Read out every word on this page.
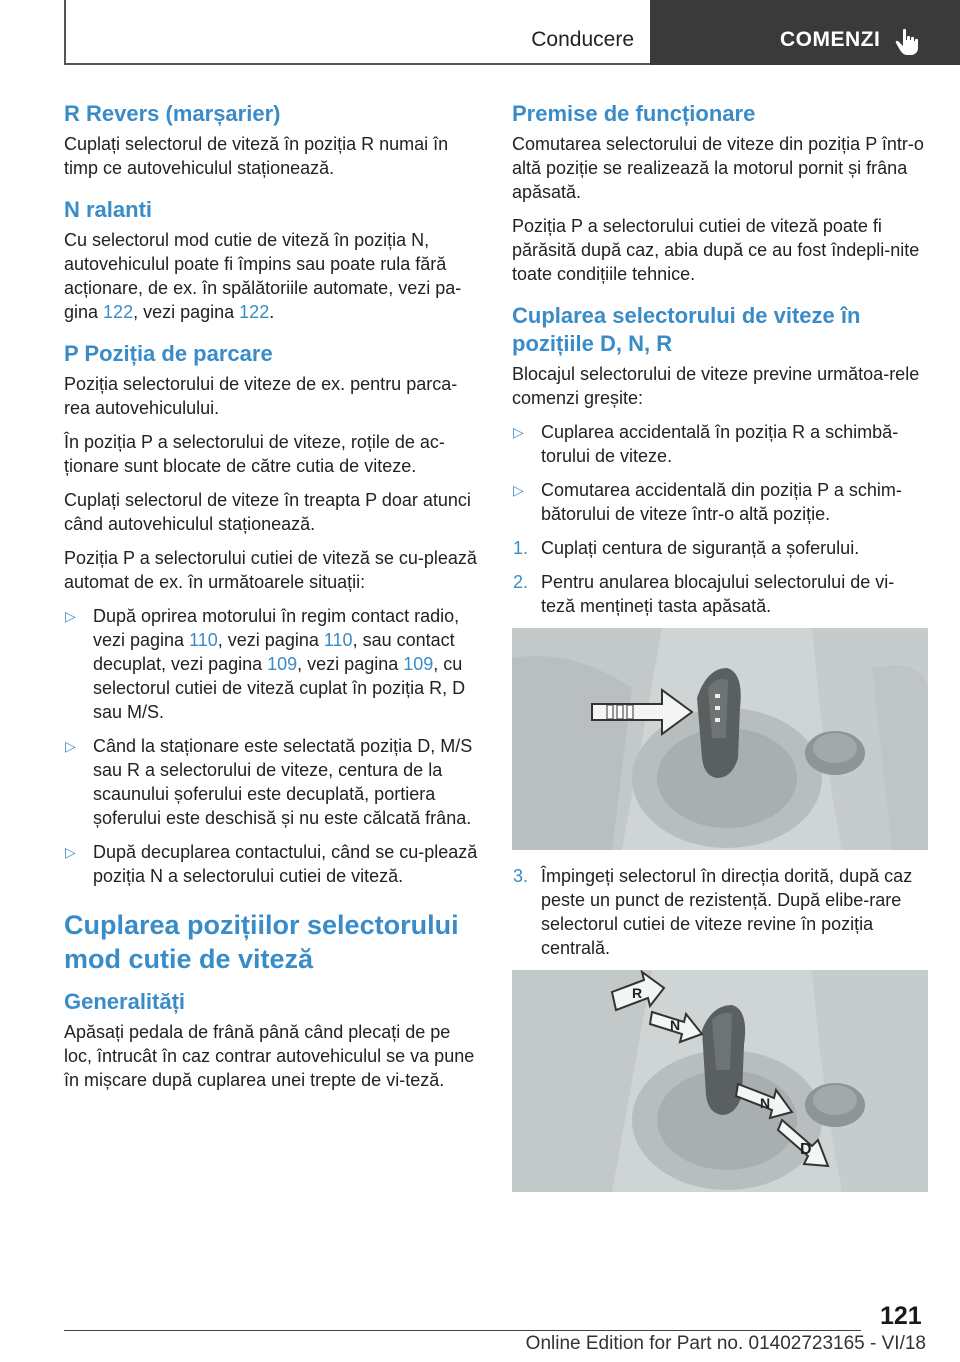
Conducere	COMENZI
R Revers (marșarier)
Cuplați selectorul de viteză în poziția R numai în timp ce autovehiculul staționează.
N ralanti
Cu selectorul mod cutie de viteză în poziția N, autovehiculul poate fi împins sau poate rula fără acționare, de ex. în spălătoriile automate, vezi pa‐gina 122, vezi pagina 122.
P Poziția de parcare
Poziția selectorului de viteze de ex. pentru parca‐rea autovehiculului.
În poziția P a selectorului de viteze, roțile de ac‐ționare sunt blocate de către cutia de viteze.
Cuplați selectorul de viteze în treapta P doar atunci când autovehiculul staționează.
Poziția P a selectorului cutiei de viteză se cu‐plează automat de ex. în următoarele situații:
▷ După oprirea motorului în regim contact radio, vezi pagina 110, vezi pagina 110, sau contact decuplat, vezi pagina 109, vezi pagina 109, cu selectorul cutiei de viteză cuplat în poziția R, D sau M/S.
▷ Când la staționare este selectată poziția D, M/S sau R a selectorului de viteze, centura de la scaunului șoferului este decuplată, portiera șoferului este deschisă și nu este călcată frâna.
▷ După decuplarea contactului, când se cu‐plează poziția N a selectorului cutiei de viteză.
Cuplarea pozițiilor selectorului mod cutie de viteză
Generalități
Apăsați pedala de frână până când plecați de pe loc, întrucât în caz contrar autovehiculul se va pune în mișcare după cuplarea unei trepte de vi‐teză.
Premise de funcționare
Comutarea selectorului de viteze din poziția P într-o altă poziție se realizează la motorul pornit și frâna apăsată.
Poziția P a selectorului cutiei de viteză poate fi părăsită după caz, abia după ce au fost îndepli‐nite toate condițiile tehnice.
Cuplarea selectorului de viteze în pozițiile D, N, R
Blocajul selectorului de viteze previne următoa‐rele comenzi greșite:
▷ Cuplarea accidentală în poziția R a schimbă‐torului de viteze.
▷ Comutarea accidentală din poziția P a schim‐bătorului de viteze într-o altă poziție.
1. Cuplați centura de siguranță a șoferului.
2. Pentru anularea blocajului selectorului de vi‐teză mențineți tasta apăsată.
3. Împingeți selectorul în direcția dorită, după caz peste un punct de rezistență. După elibe‐rare selectorul cutiei de viteze revine în poziția centrală.
R
N
N
D
121
Online Edition for Part no. 01402723165 - VI/18
